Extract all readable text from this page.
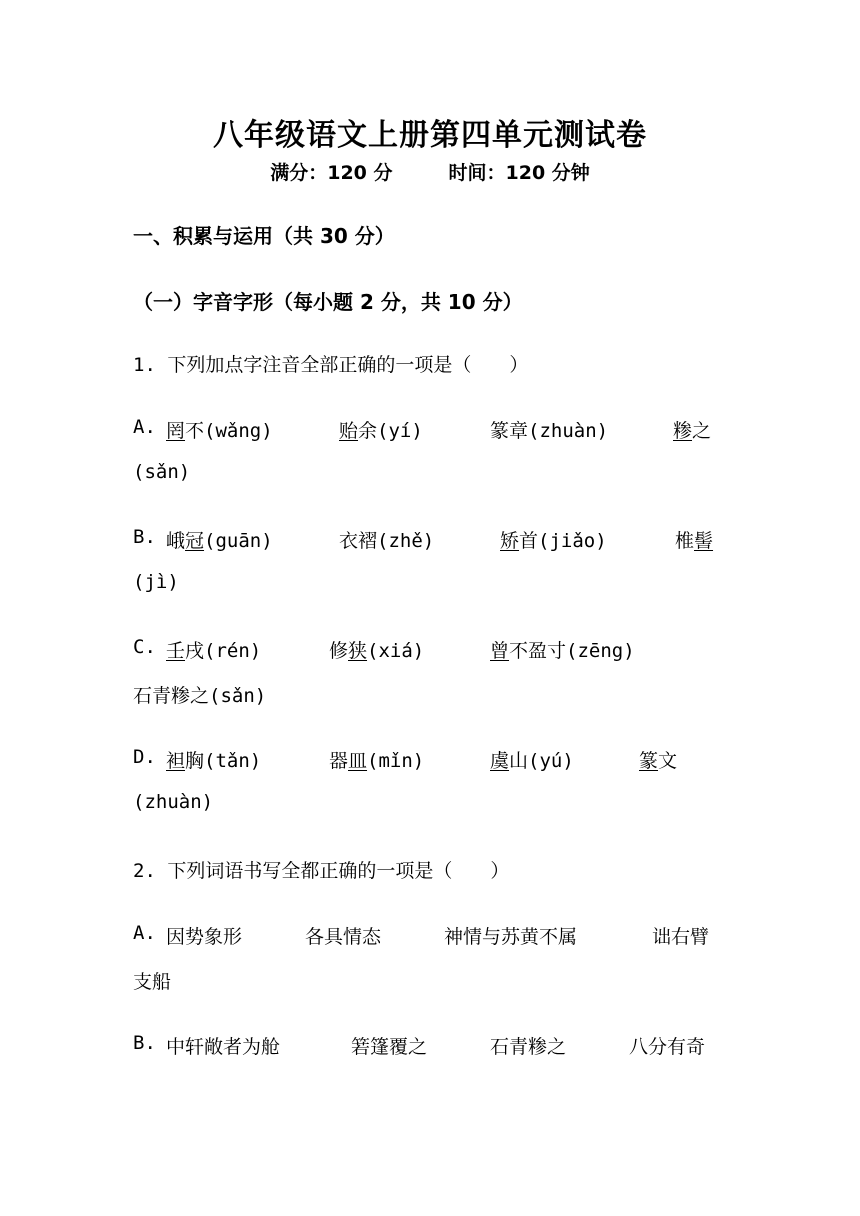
八年级语文上册第四单元测试卷
满分：120 分	时间：120 分钟
一、积累与运用（共 30 分）
（一）字音字形（每小题 2 分，共 10 分）
1. 下列加点字注音全部正确的一项是（　　）
A. 罔不(wǎng)	贻余(yí)	篆章(zhuàn)	糁之
(sǎn)
B. 峨冠(guān)	衣褶(zhě)	矫首(jiǎo)	椎髻
(jì)
C. 壬戌(rén)	修狭(xiá)	曾不盈寸(zēng)
石青糁之(sǎn)
D. 袒胸(tǎn)	器皿(mǐn)	虞山(yú)	篆文
(zhuàn)
2. 下列词语书写全都正确的一项是（　　）
A. 因势象形	各具情态	神情与苏黄不属	诎右臂
支船
B. 中轩敞者为舱	箬篷覆之	石青糁之	八分有奇
